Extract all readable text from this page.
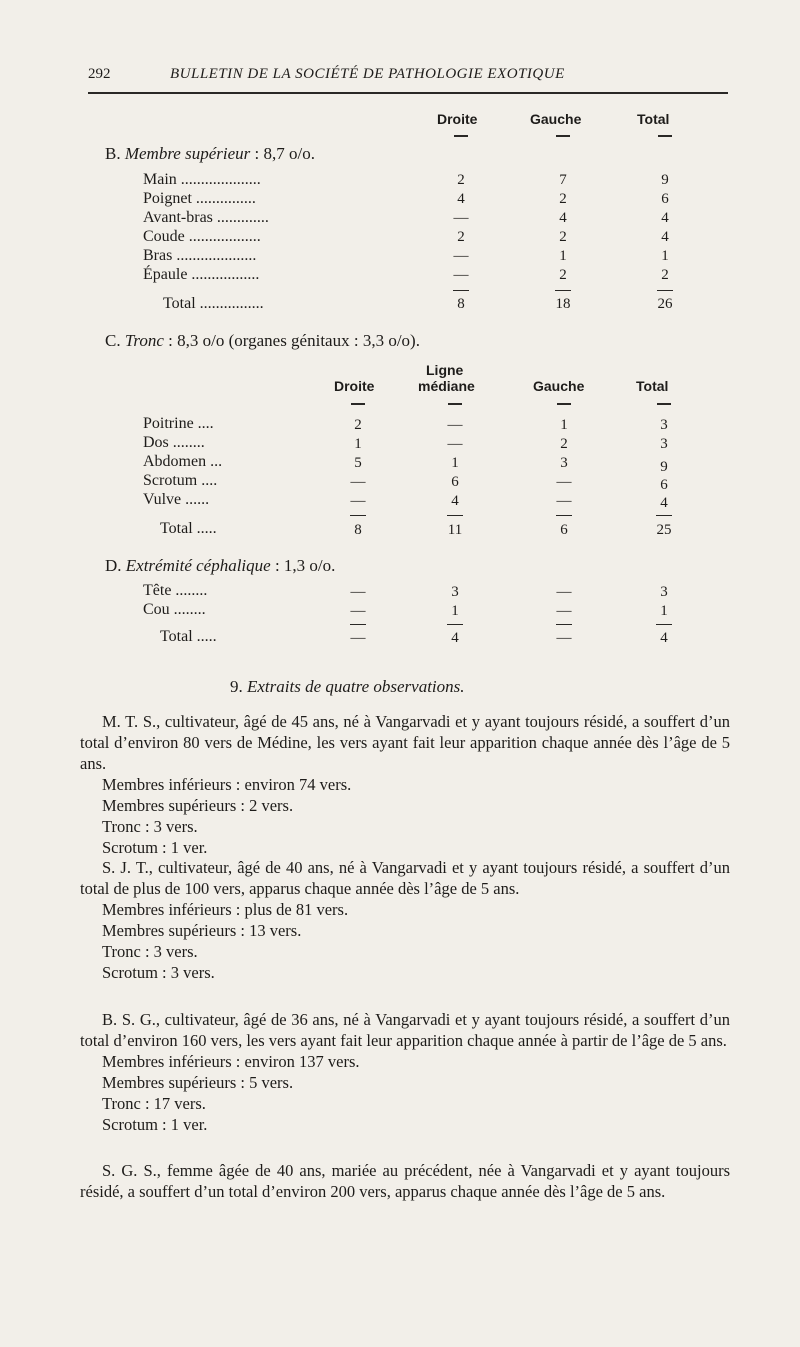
292	BULLETIN DE LA SOCIÉTÉ DE PATHOLOGIE EXOTIQUE
Droite	Gauche	Total
B. Membre supérieur : 8,7 o/o.
Main ....................	2	7	9
Poignet ...............	4	2	6
Avant-bras .............	—	4	4
Coude ..................	2	2	4
Bras ....................	—	1	1
Épaule .................	—	2	2
Total ................	8	18	26
C. Tronc : 8,3 o/o (organes génitaux : 3,3 o/o).
Ligne
Droite	médiane	Gauche	Total
Poitrine ....	2	—	1	3
Dos ........	1	—	2	3
Abdomen ...	5	1	3	9
Scrotum ....	—	6	—	6
Vulve ......	—	4	—	4
Total .....	8	11	6	25
D. Extrémité céphalique : 1,3 o/o.
Tête ........	—	3	—	3
Cou ........	—	1	—	1
Total .....	—	4	—	4
9. Extraits de quatre observations.

M. T. S., cultivateur, âgé de 45 ans, né à Vangarvadi et y ayant toujours résidé, a souffert d’un total d’environ 80 vers de Médine, les vers ayant fait leur apparition chaque année dès l’âge de 5 ans.

Membres inférieurs : environ 74 vers.

Membres supérieurs : 2 vers.

Tronc : 3 vers.

Scrotum : 1 ver.

S. J. T., cultivateur, âgé de 40 ans, né à Vangarvadi et y ayant toujours résidé, a souffert d’un total de plus de 100 vers, apparus chaque année dès l’âge de 5 ans.

Membres inférieurs : plus de 81 vers.

Membres supérieurs : 13 vers.

Tronc : 3 vers.

Scrotum : 3 vers.

B. S. G., cultivateur, âgé de 36 ans, né à Vangarvadi et y ayant toujours résidé, a souffert d’un total d’environ 160 vers, les vers ayant fait leur apparition chaque année à partir de l’âge de 5 ans.

Membres inférieurs : environ 137 vers.

Membres supérieurs : 5 vers.

Tronc : 17 vers.

Scrotum : 1 ver.

S. G. S., femme âgée de 40 ans, mariée au précédent, née à Vangarvadi et y ayant toujours résidé, a souffert d’un total d’environ 200 vers, apparus chaque année dès l’âge de 5 ans.
